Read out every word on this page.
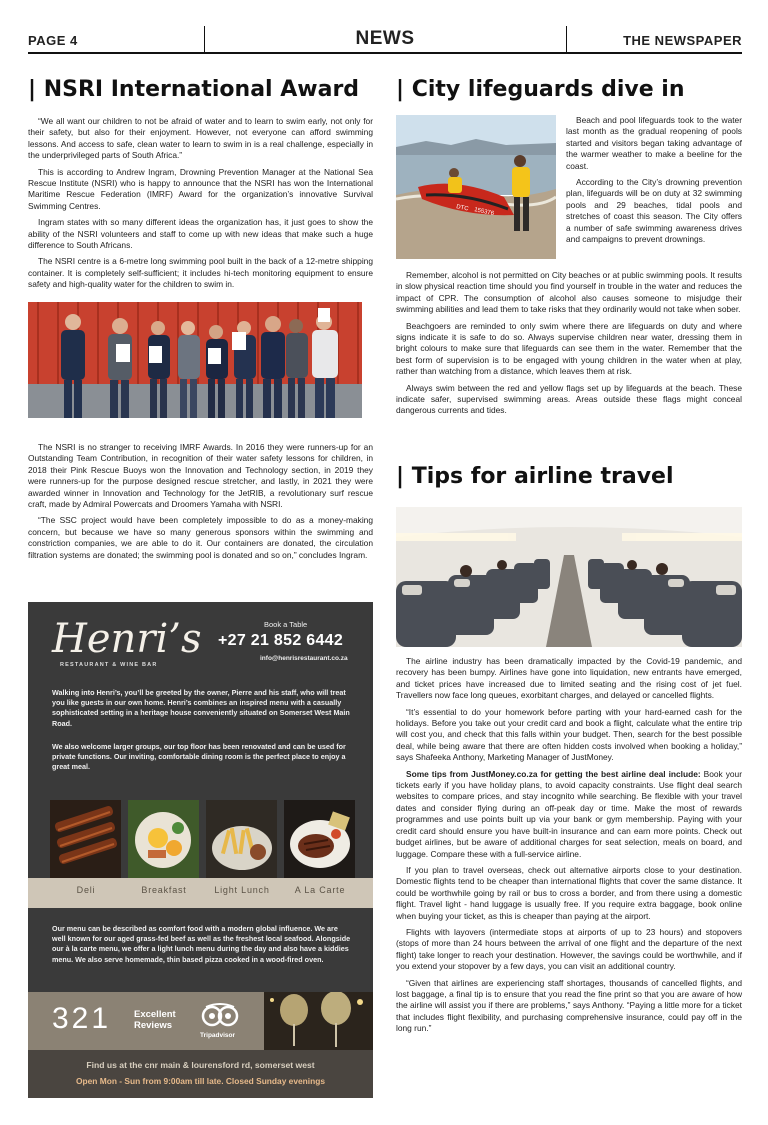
PAGE 4	NEWS	THE NEWSPAPER
| NSRI International Award

“We all want our children to not be afraid of water and to learn to swim early, not only for their safety, but also for their enjoyment. However, not everyone can afford swimming lessons. And access to safe, clean water to learn to swim in is a real challenge, especially in the underprivileged parts of South Africa.”

This is according to Andrew Ingram, Drowning Prevention Manager at the National Sea Rescue Institute (NSRI) who is happy to announce that the NSRI has won the International Maritime Rescue Federation (IMRF) Award for the organization’s innovative Survival Swimming Centres.

Ingram states with so many different ideas the organization has, it just goes to show the ability of the NSRI volunteers and staff to come up with new ideas that make such a huge difference to South Africans.

The NSRI centre is a 6-metre long swimming pool built in the back of a 12-metre shipping container. It is completely self-sufficient; it includes hi-tech monitoring equipment to ensure safety and high-quality water for the children to swim in.

The NSRI is no stranger to receiving IMRF Awards. In 2016 they were runners-up for an Outstanding Team Contribution, in recognition of their water safety lessons for children, in 2018 their Pink Rescue Buoys won the Innovation and Technology section, in 2019 they were runners-up for the purpose designed rescue stretcher, and lastly, in 2021 they were awarded winner in Innovation and Technology for the JetRIB, a revolutionary surf rescue craft, made by Admiral Powercats and Droomers Yamaha with NSRI.

“The SSC project would have been completely impossible to do as a money-making concern, but because we have so many generous sponsors within the swimming and constriction companies, we are able to do it. Our containers are donated, the circulation filtration systems are donated; the swimming pool is donated and so on,” concludes Ingram.

Henri’s
RESTAURANT & WINE BAR
Book a Table
+27 21 852 6442
info@henrisrestaurant.co.za
Walking into Henri’s, you’ll be greeted by the owner, Pierre and his staff, who will treat you like guests in our own home. Henri’s combines an inspired menu with a casually sophisticated setting in a heritage house conveniently situated on Somerset West Main Road.
We also welcome larger groups, our top floor has been renovated and can be used for private functions. Our inviting, comfortable dining room is the perfect place to enjoy a great meal.
Deli	Breakfast	Light Lunch	A La Carte
Our menu can be described as comfort food with a modern global influence. We are well known for our aged grass-fed beef as well as the freshest local seafood. Alongside our à la carte menu, we offer a light lunch menu during the day and also have a kiddies menu. We also serve homemade, thin based pizza cooked in a wood-fired oven.
321 Excellent
Reviews
Tripadvisor
Find us at the cnr main & lourensford rd, somerset west
Open Mon - Sun from 9:00am till late. Closed Sunday evenings
| City lifeguards dive in
DTC 155376

Beach and pool lifeguards took to the water last month as the gradual reopening of pools started and visitors began taking advantage of the warmer weather to make a beeline for the coast.

According to the City’s drowning prevention plan, lifeguards will be on duty at 32 swimming pools and 29 beaches, tidal pools and stretches of coast this season. The City offers a number of safe swimming awareness drives and campaigns to prevent drownings.

Remember, alcohol is not permitted on City beaches or at public swimming pools. It results in slow physical reaction time should you find yourself in trouble in the water and reduces the impact of CPR. The consumption of alcohol also causes someone to misjudge their swimming abilities and lead them to take risks that they ordinarily would not take when sober.

Beachgoers are reminded to only swim where there are lifeguards on duty and where signs indicate it is safe to do so. Always supervise children near water, dressing them in bright colours to make sure that lifeguards can see them in the water. Remember that the best form of supervision is to be engaged with young children in the water when at play, rather than watching from a distance, which leaves them at risk.

Always swim between the red and yellow flags set up by lifeguards at the beach. These indicate safer, supervised swimming areas. Areas outside these flags might conceal dangerous currents and tides.

| Tips for airline travel

The airline industry has been dramatically impacted by the Covid-19 pandemic, and recovery has been bumpy. Airlines have gone into liquidation, new entrants have emerged, and ticket prices have increased due to limited seating and the rising cost of jet fuel. Travellers now face long queues, exorbitant charges, and delayed or cancelled flights.

“It’s essential to do your homework before parting with your hard-earned cash for the holidays. Before you take out your credit card and book a flight, calculate what the entire trip will cost you, and check that this falls within your budget. Then, search for the best possible deal, while being aware that there are often hidden costs involved when booking a holiday,” says Shafeeka Anthony, Marketing Manager of JustMoney.

Some tips from JustMoney.co.za for getting the best airline deal include: Book your tickets early if you have holiday plans, to avoid capacity constraints. Use flight deal search websites to compare prices, and stay incognito while searching. Be flexible with your travel dates and consider flying during an off-peak day or time. Make the most of rewards programmes and use points built up via your bank or gym membership. Paying with your credit card should ensure you have built-in insurance and can earn more points. Check out budget airlines, but be aware of additional charges for seat selection, meals on board, and luggage. Compare these with a full-service airline.

If you plan to travel overseas, check out alternative airports close to your destination. Domestic flights tend to be cheaper than international flights that cover the same distance. It could be worthwhile going by rail or bus to cross a border, and from there using a domestic flight. Travel light - hand luggage is usually free. If you require extra baggage, book online when buying your ticket, as this is cheaper than paying at the airport.

Flights with layovers (intermediate stops at airports of up to 23 hours) and stopovers (stops of more than 24 hours between the arrival of one flight and the departure of the next flight) take longer to reach your destination. However, the savings could be worthwhile, and if you extend your stopover by a few days, you can visit an additional country.

“Given that airlines are experiencing staff shortages, thousands of cancelled flights, and lost baggage, a final tip is to ensure that you read the fine print so that you are aware of how the airline will assist you if there are problems,” says Anthony. “Paying a little more for a ticket that includes flight flexibility, and purchasing comprehensive insurance, could pay off in the long run.”
